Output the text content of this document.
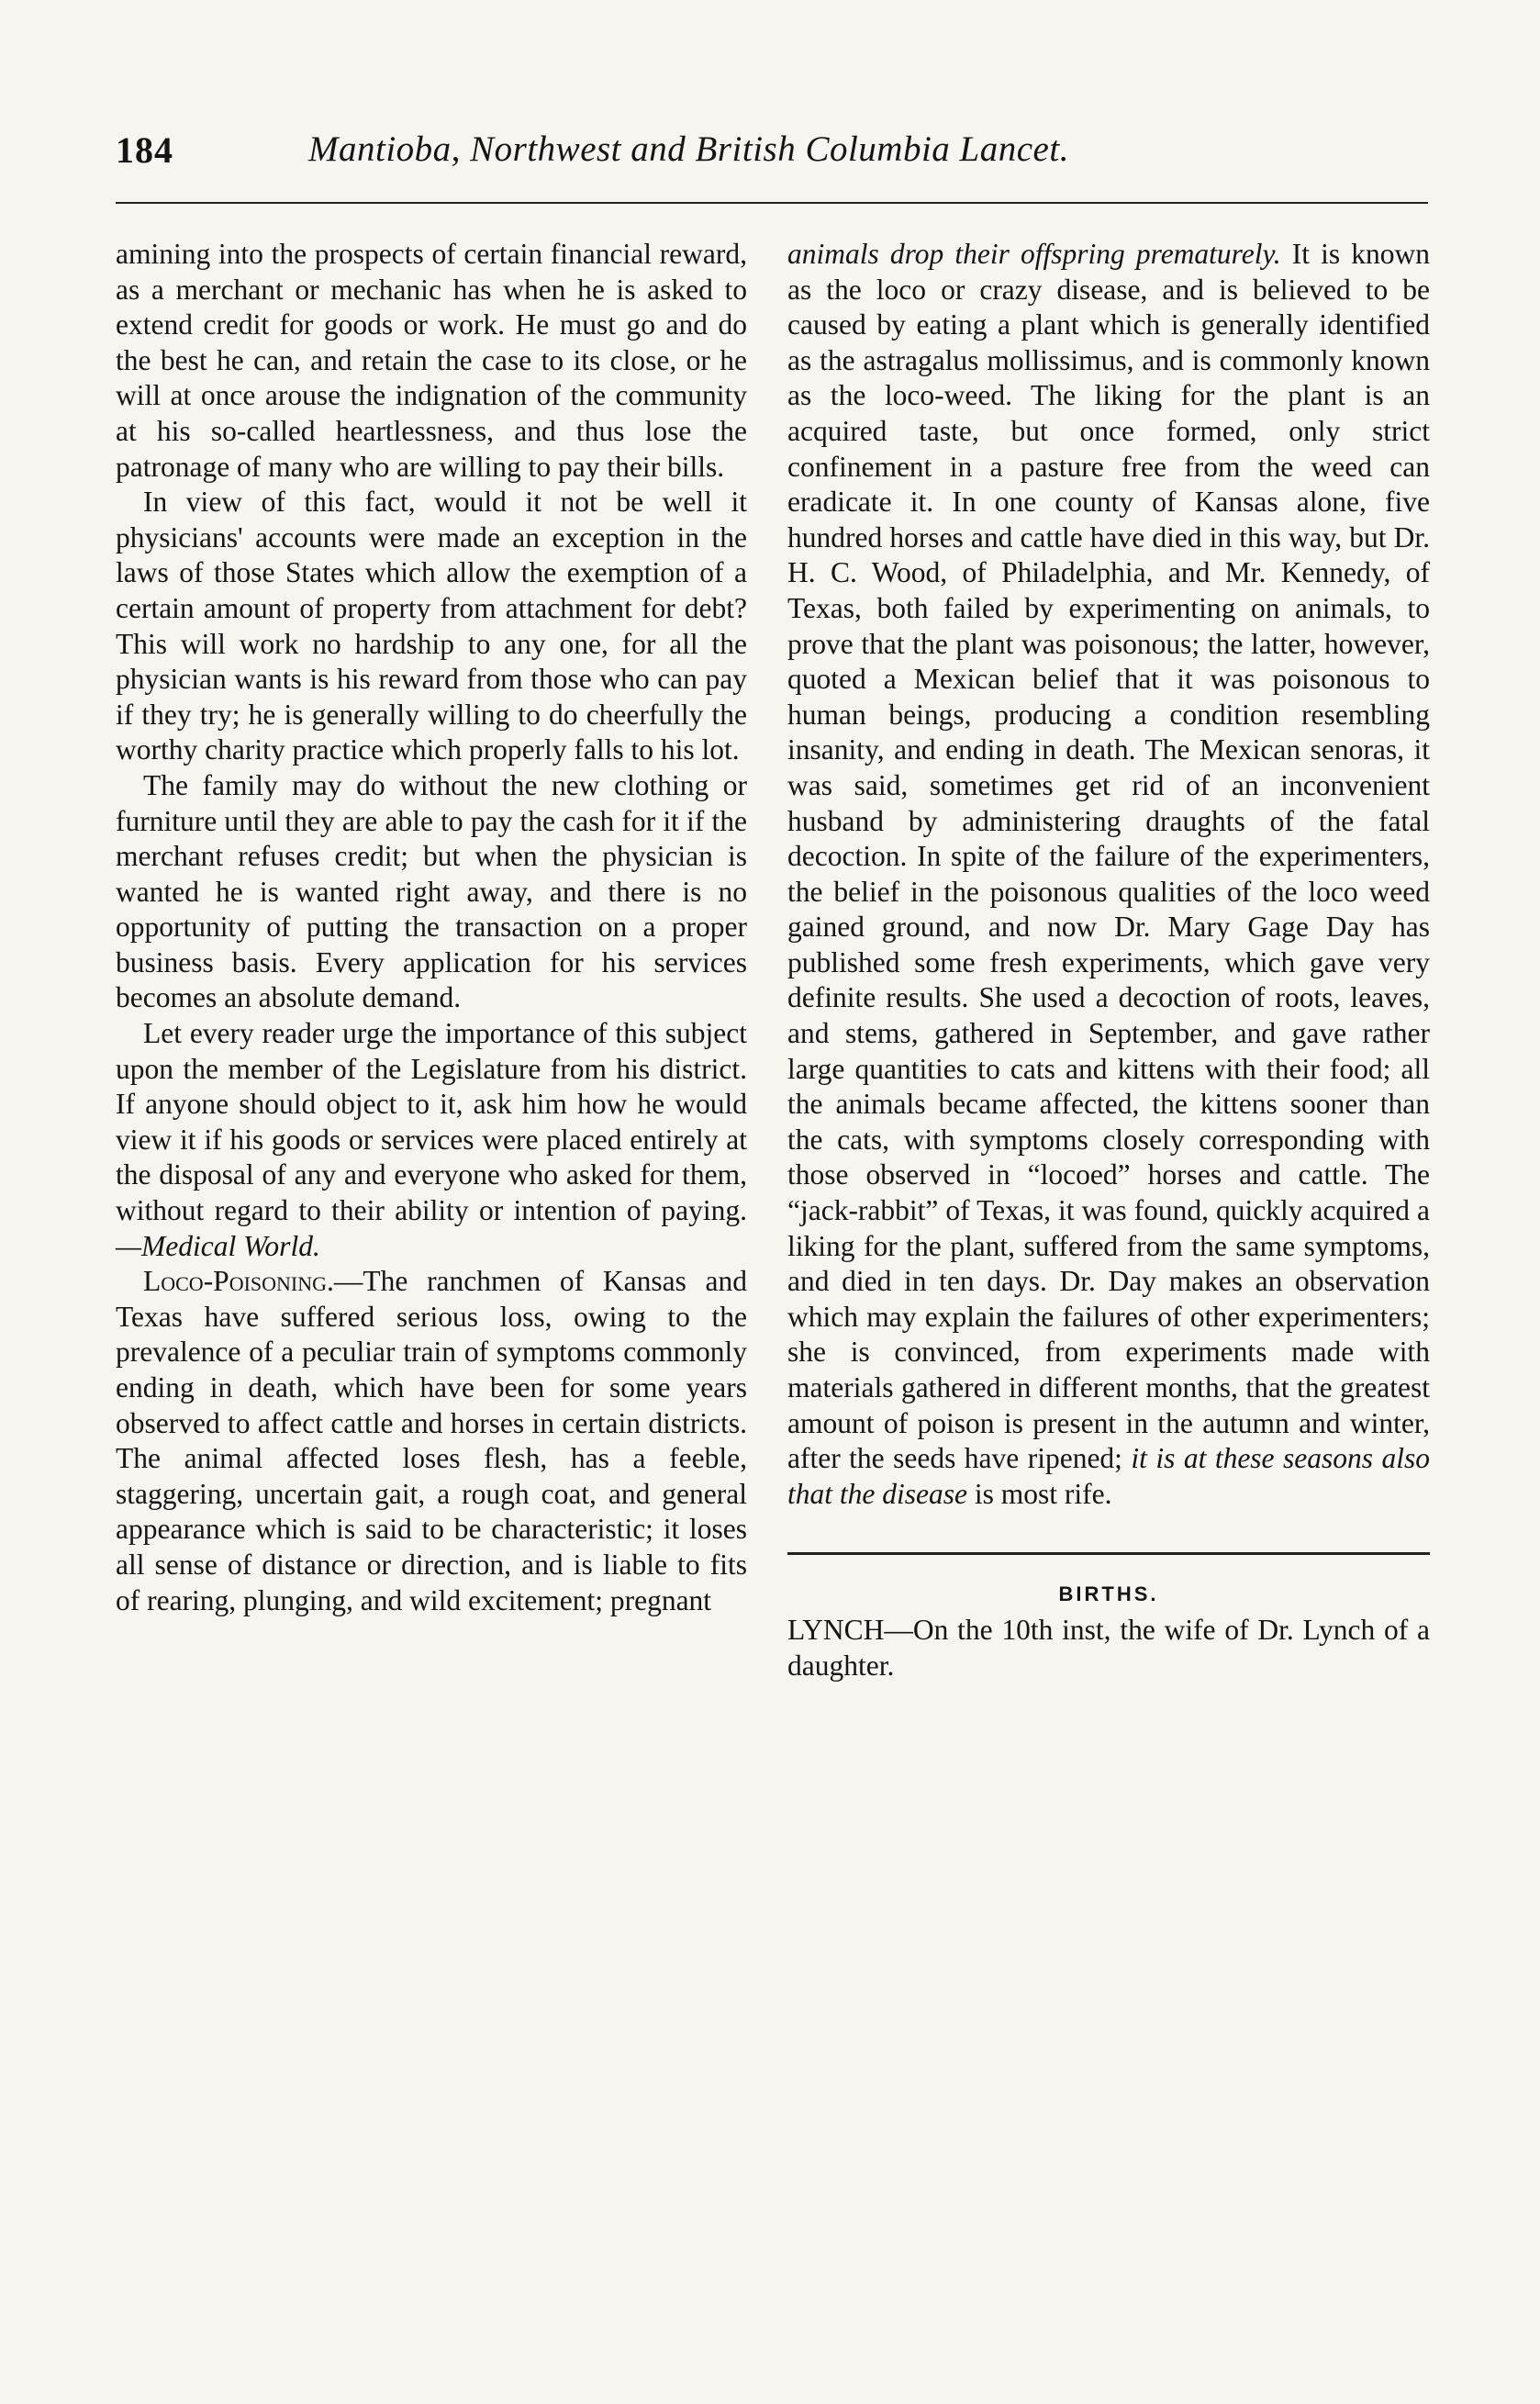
184	Mantioba, Northwest and British Columbia Lancet.

amining into the prospects of certain financial reward, as a merchant or mechanic has when he is asked to extend credit for goods or work. He must go and do the best he can, and retain the case to its close, or he will at once arouse the indignation of the community at his so-called heartlessness, and thus lose the patronage of many who are willing to pay their bills.

In view of this fact, would it not be well it physicians' accounts were made an exception in the laws of those States which allow the exemption of a certain amount of property from attachment for debt? This will work no hardship to any one, for all the physician wants is his reward from those who can pay if they try; he is generally willing to do cheerfully the worthy charity practice which properly falls to his lot.

The family may do without the new clothing or furniture until they are able to pay the cash for it if the merchant refuses credit; but when the physician is wanted he is wanted right away, and there is no opportunity of putting the transaction on a proper business basis. Every application for his services becomes an absolute demand.

Let every reader urge the importance of this subject upon the member of the Legislature from his district. If anyone should object to it, ask him how he would view it if his goods or services were placed entirely at the disposal of any and everyone who asked for them, without regard to their ability or intention of paying.—Medical World.

Loco-Poisoning.—The ranchmen of Kansas and Texas have suffered serious loss, owing to the prevalence of a peculiar train of symptoms commonly ending in death, which have been for some years observed to affect cattle and horses in certain districts. The animal affected loses flesh, has a feeble, staggering, uncertain gait, a rough coat, and general appearance which is said to be characteristic; it loses all sense of distance or direction, and is liable to fits of rearing, plunging, and wild excitement; pregnant

animals drop their offspring prematurely. It is known as the loco or crazy disease, and is believed to be caused by eating a plant which is generally identified as the astragalus mollissimus, and is commonly known as the loco-weed. The liking for the plant is an acquired taste, but once formed, only strict confinement in a pasture free from the weed can eradicate it. In one county of Kansas alone, five hundred horses and cattle have died in this way, but Dr. H. C. Wood, of Philadelphia, and Mr. Kennedy, of Texas, both failed by experimenting on animals, to prove that the plant was poisonous; the latter, however, quoted a Mexican belief that it was poisonous to human beings, producing a condition resembling insanity, and ending in death. The Mexican senoras, it was said, sometimes get rid of an inconvenient husband by administering draughts of the fatal decoction. In spite of the failure of the experimenters, the belief in the poisonous qualities of the loco weed gained ground, and now Dr. Mary Gage Day has published some fresh experiments, which gave very definite results. She used a decoction of roots, leaves, and stems, gathered in September, and gave rather large quantities to cats and kittens with their food; all the animals became affected, the kittens sooner than the cats, with symptoms closely corresponding with those observed in “locoed” horses and cattle. The “jack-rabbit” of Texas, it was found, quickly acquired a liking for the plant, suffered from the same symptoms, and died in ten days. Dr. Day makes an observation which may explain the failures of other experimenters; she is convinced, from experiments made with materials gathered in different months, that the greatest amount of poison is present in the autumn and winter, after the seeds have ripened; it is at these seasons also that the disease is most rife.

BIRTHS.

LYNCH—On the 10th inst, the wife of Dr. Lynch of a daughter.
